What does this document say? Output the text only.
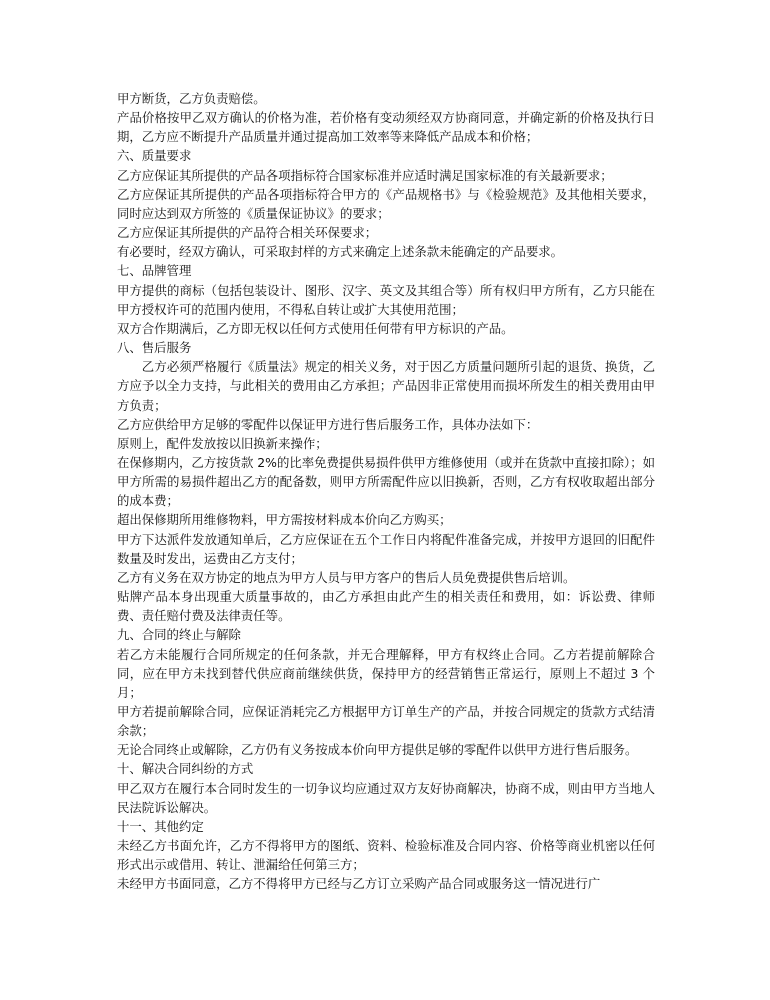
甲方断货，乙方负责赔偿。

产品价格按甲乙双方确认的价格为准，若价格有变动须经双方协商同意，并确定新的价格及执行日期，乙方应不断提升产品质量并通过提高加工效率等来降低产品成本和价格；

六、质量要求

乙方应保证其所提供的产品各项指标符合国家标准并应适时满足国家标准的有关最新要求；

乙方应保证其所提供的产品各项指标符合甲方的《产品规格书》与《检验规范》及其他相关要求，同时应达到双方所签的《质量保证协议》的要求；

乙方应保证其所提供的产品符合相关环保要求；

有必要时，经双方确认，可采取封样的方式来确定上述条款未能确定的产品要求。

七、品牌管理

甲方提供的商标（包括包装设计、图形、汉字、英文及其组合等）所有权归甲方所有，乙方只能在甲方授权许可的范围内使用，不得私自转让或扩大其使用范围；

双方合作期满后，乙方即无权以任何方式使用任何带有甲方标识的产品。

八、售后服务

乙方必须严格履行《质量法》规定的相关义务，对于因乙方质量问题所引起的退货、换货，乙方应予以全力支持，与此相关的费用由乙方承担；产品因非正常使用而损坏所发生的相关费用由甲方负责；

乙方应供给甲方足够的零配件以保证甲方进行售后服务工作，具体办法如下：

原则上，配件发放按以旧换新来操作；

在保修期内，乙方按货款 2%的比率免费提供易损件供甲方维修使用（或并在货款中直接扣除）；如甲方所需的易损件超出乙方的配备数，则甲方所需配件应以旧换新，否则，乙方有权收取超出部分的成本费；

超出保修期所用维修物料，甲方需按材料成本价向乙方购买；

甲方下达派件发放通知单后，乙方应保证在五个工作日内将配件准备完成，并按甲方退回的旧配件数量及时发出，运费由乙方支付；

乙方有义务在双方协定的地点为甲方人员与甲方客户的售后人员免费提供售后培训。

贴牌产品本身出现重大质量事故的，由乙方承担由此产生的相关责任和费用，如：诉讼费、律师费、责任赔付费及法律责任等。

九、合同的终止与解除

若乙方未能履行合同所规定的任何条款，并无合理解释，甲方有权终止合同。乙方若提前解除合同，应在甲方未找到替代供应商前继续供货，保持甲方的经营销售正常运行，原则上不超过 3 个月；

甲方若提前解除合同，应保证消耗完乙方根据甲方订单生产的产品，并按合同规定的货款方式结清余款；

无论合同终止或解除，乙方仍有义务按成本价向甲方提供足够的零配件以供甲方进行售后服务。

十、解决合同纠纷的方式

甲乙双方在履行本合同时发生的一切争议均应通过双方友好协商解决，协商不成，则由甲方当地人民法院诉讼解决。

十一、其他约定

未经乙方书面允许，乙方不得将甲方的图纸、资料、检验标准及合同内容、价格等商业机密以任何形式出示或借用、转让、泄漏给任何第三方；

未经甲方书面同意，乙方不得将甲方已经与乙方订立采购产品合同或服务这一情况进行广
